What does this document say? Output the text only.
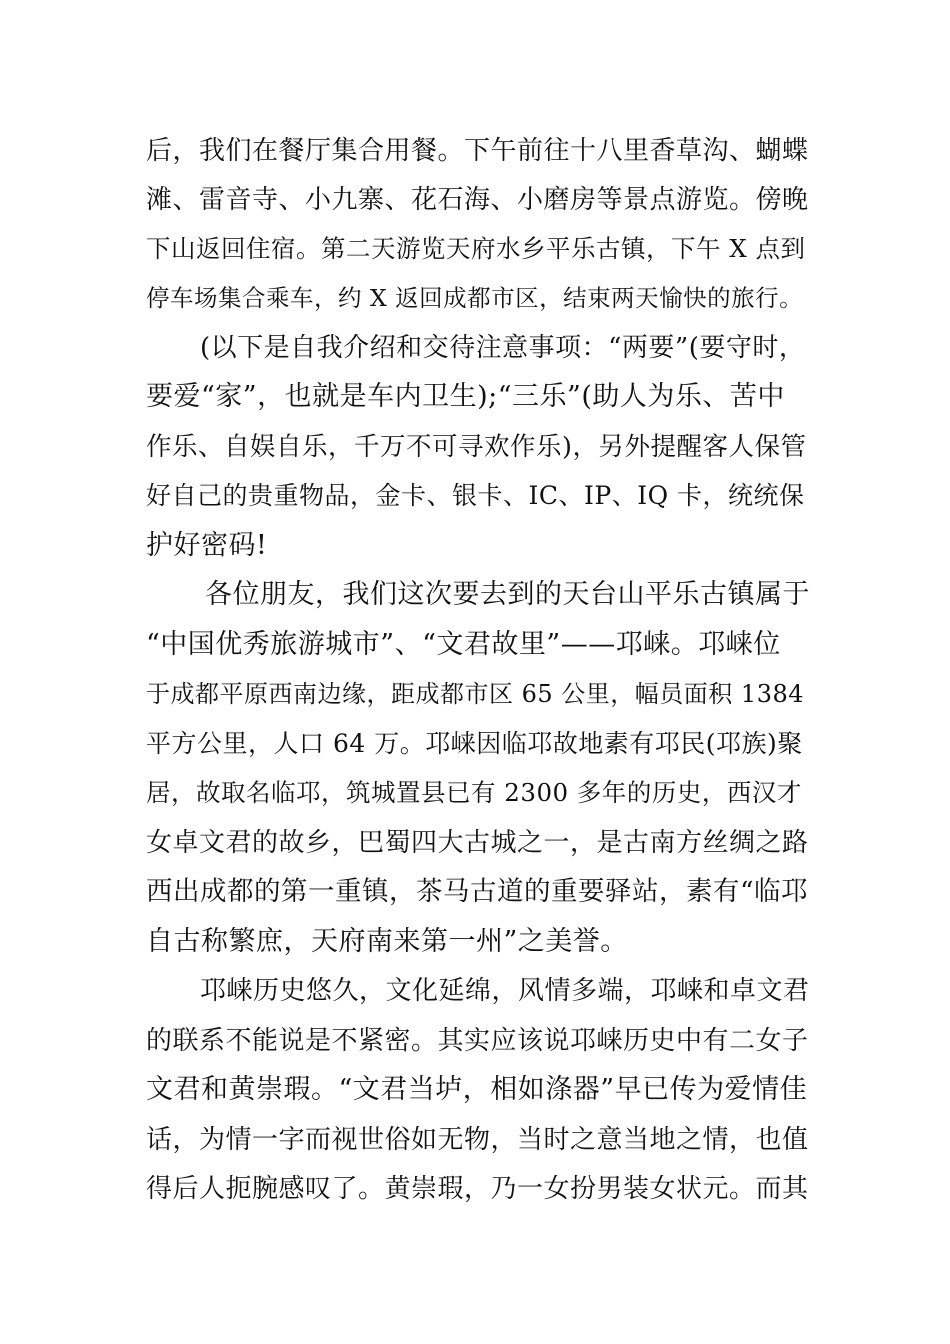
后，我们在餐厅集合用餐。下午前往十八里香草沟、蝴蝶

滩、雷音寺、小九寨、花石海、小磨房等景点游览。傍晚

下山返回住宿。第二天游览天府水乡平乐古镇，下午 X 点到

停车场集合乘车，约 X 返回成都市区，结束两天愉快的旅行。

(以下是自我介绍和交待注意事项：“两要”(要守时，

要爱“家”，也就是车内卫生);“三乐”(助人为乐、苦中

作乐、自娱自乐，千万不可寻欢作乐)，另外提醒客人保管

好自己的贵重物品，金卡、银卡、IC、IP、IQ 卡，统统保

护好密码!

各位朋友，我们这次要去到的天台山平乐古镇属于

“中国优秀旅游城市”、“文君故里”——邛崃。邛崃位

于成都平原西南边缘，距成都市区 65 公里，幅员面积 1384

平方公里，人口 64 万。邛崃因临邛故地素有邛民(邛族)聚

居，故取名临邛，筑城置县已有 2300 多年的历史，西汉才

女卓文君的故乡，巴蜀四大古城之一，是古南方丝绸之路

西出成都的第一重镇，茶马古道的重要驿站，素有“临邛

自古称繁庶，天府南来第一州”之美誉。

邛崃历史悠久，文化延绵，风情多端，邛崃和卓文君

的联系不能说是不紧密。其实应该说邛崃历史中有二女子

文君和黄崇瑕。“文君当垆，相如涤器”早已传为爱情佳

话，为情一字而视世俗如无物，当时之意当地之情，也值

得后人扼腕感叹了。黄崇瑕，乃一女扮男装女状元。而其
